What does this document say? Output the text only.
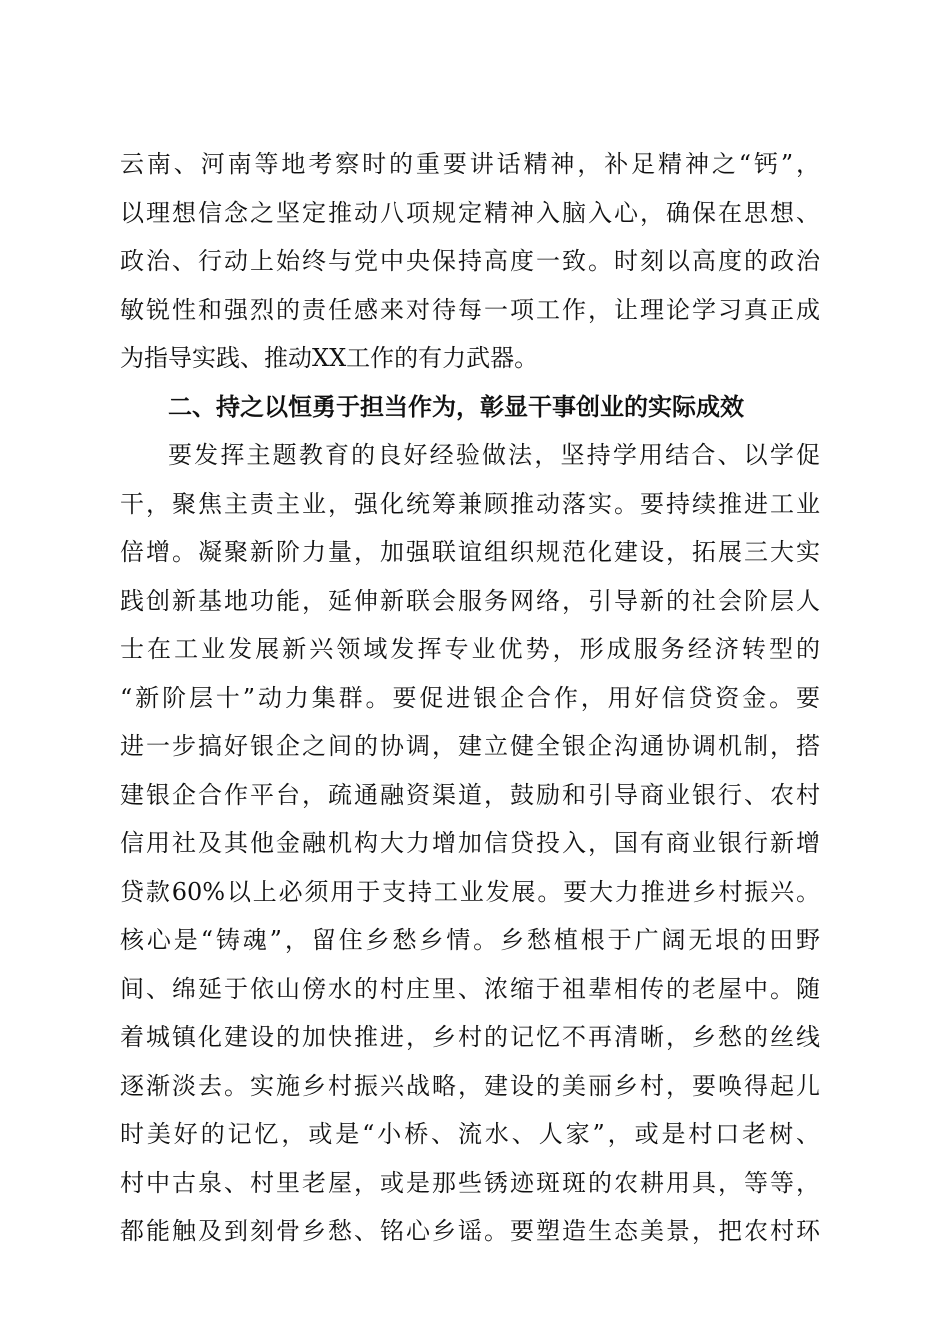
云南、河南等地考察时的重要讲话精神，补足精神之“钙”，
以理想信念之坚定推动八项规定精神入脑入心，确保在思想、
政治、行动上始终与党中央保持高度一致。时刻以高度的政治
敏锐性和强烈的责任感来对待每一项工作，让理论学习真正成
为指导实践、推动XX工作的有力武器。
二、持之以恒勇于担当作为，彰显干事创业的实际成效
要发挥主题教育的良好经验做法，坚持学用结合、以学促
干，聚焦主责主业，强化统筹兼顾推动落实。要持续推进工业
倍增。凝聚新阶力量，加强联谊组织规范化建设，拓展三大实
践创新基地功能，延伸新联会服务网络，引导新的社会阶层人
士在工业发展新兴领域发挥专业优势，形成服务经济转型的
“新阶层十”动力集群。要促进银企合作，用好信贷资金。要
进一步搞好银企之间的协调，建立健全银企沟通协调机制，搭
建银企合作平台，疏通融资渠道，鼓励和引导商业银行、农村
信用社及其他金融机构大力增加信贷投入，国有商业银行新增
贷款60%以上必须用于支持工业发展。要大力推进乡村振兴。
核心是“铸魂”，留住乡愁乡情。乡愁植根于广阔无垠的田野
间、绵延于依山傍水的村庄里、浓缩于祖辈相传的老屋中。随
着城镇化建设的加快推进，乡村的记忆不再清晰，乡愁的丝线
逐渐淡去。实施乡村振兴战略，建设的美丽乡村，要唤得起儿
时美好的记忆，或是“小桥、流水、人家”，或是村口老树、
村中古泉、村里老屋，或是那些锈迹斑斑的农耕用具，等等，
都能触及到刻骨乡愁、铭心乡谣。要塑造生态美景，把农村环
